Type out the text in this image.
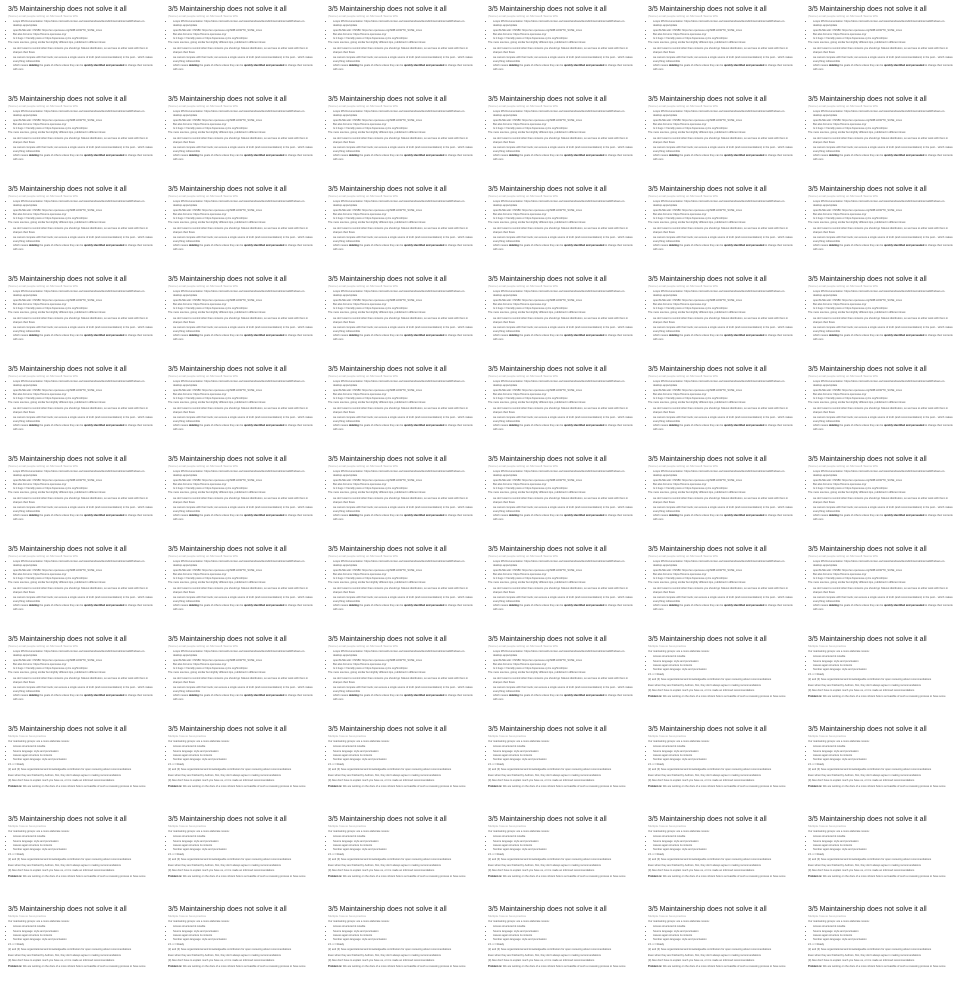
3/5 Maintainership does not solve it all
(Some) email people writing on Microsoft Teams WG
• Loops MS Documentation: https://docs.microsoft.com/en-us/mstest/windows/dev/sdlc/internal/internal/Windows-on-desktop-apps/update
• openSUSE wiki: OSSBC https://en.opensuse.org/SDB:HOWTO_SUSE_Linux
• But also Forums: https://forums.opensuse.org/
• Is it bugs = friendly posts or https://opensuse.xyzm.org/SmitOpsx

The more sources, giving similar but slightly different tips, published in different times:

• we don't want to remind other than contents you should go hideout distribution, so we have to either work with them in sharpen their flows
• we cannot compete with their tools; can ensure a single source of truth (and recommendations) in the pool... which makes everything indiscernible
• which means deleting the goals of others unless they can be quickly identified and persuaded to change their contents with ours
3/5 Maintainership does not solve it all
(Some) email people writing on Microsoft Teams WG
• Loops MS Documentation: https://docs.microsoft.com/en-us/mstest/windows/dev/sdlc/internal/internal/Windows-on-desktop-apps/update
• openSUSE wiki: OSSBC https://en.opensuse.org/SDB:HOWTO_SUSE_Linux
• But also Forums: https://forums.opensuse.org/
• Is it bugs = friendly posts or https://opensuse.xyzm.org/SmitOpsx

The more sources, giving similar but slightly different tips, published in different times:

• we don't want to remind other than contents you should go hideout distribution, so we have to either work with them in sharpen their flows
• we cannot compete with their tools; can ensure a single source of truth (and recommendations) in the pool... which makes everything indiscernible
• which means deleting the goals of others unless they can be quickly identified and persuaded to change their contents with ours
3/5 Maintainership does not solve it all
(Some) email people writing on Microsoft Teams WG
• Loops MS Documentation: https://docs.microsoft.com/en-us/mstest/windows/dev/sdlc/internal/internal/Windows-on-desktop-apps/update
• openSUSE wiki: OSSBC https://en.opensuse.org/SDB:HOWTO_SUSE_Linux
• But also Forums: https://forums.opensuse.org/
• Is it bugs = friendly posts or https://opensuse.xyzm.org/SmitOpsx

The more sources, giving similar but slightly different tips, published in different times:

• we don't want to remind other than contents you should go hideout distribution, so we have to either work with them in sharpen their flows
• we cannot compete with their tools; can ensure a single source of truth (and recommendations) in the pool... which makes everything indiscernible
• which means deleting the goals of others unless they can be quickly identified and persuaded to change their contents with ours
3/5 Maintainership does not solve it all
(Some) email people writing on Microsoft Teams WG
• Loops MS Documentation: https://docs.microsoft.com/en-us/mstest/windows/dev/sdlc/internal/internal/Windows-on-desktop-apps/update
• openSUSE wiki: OSSBC https://en.opensuse.org/SDB:HOWTO_SUSE_Linux
• But also Forums: https://forums.opensuse.org/
• Is it bugs = friendly posts or https://opensuse.xyzm.org/SmitOpsx

The more sources, giving similar but slightly different tips, published in different times:

• we don't want to remind other than contents you should go hideout distribution, so we have to either work with them in sharpen their flows
• we cannot compete with their tools; can ensure a single source of truth (and recommendations) in the pool... which makes everything indiscernible
• which means deleting the goals of others unless they can be quickly identified and persuaded to change their contents with ours
3/5 Maintainership does not solve it all
(Some) email people writing on Microsoft Teams WG
• Loops MS Documentation: https://docs.microsoft.com/en-us/mstest/windows/dev/sdlc/internal/internal/Windows-on-desktop-apps/update
• openSUSE wiki: OSSBC https://en.opensuse.org/SDB:HOWTO_SUSE_Linux
• But also Forums: https://forums.opensuse.org/
• Is it bugs = friendly posts or https://opensuse.xyzm.org/SmitOpsx

The more sources, giving similar but slightly different tips, published in different times:

• we don't want to remind other than contents you should go hideout distribution, so we have to either work with them in sharpen their flows
• we cannot compete with their tools; can ensure a single source of truth (and recommendations) in the pool... which makes everything indiscernible
• which means deleting the goals of others unless they can be quickly identified and persuaded to change their contents with ours
3/5 Maintainership does not solve it all
(Some) email people writing on Microsoft Teams WG
• Loops MS Documentation: https://docs.microsoft.com/en-us/mstest/windows/dev/sdlc/internal/internal/Windows-on-desktop-apps/update
• openSUSE wiki: OSSBC https://en.opensuse.org/SDB:HOWTO_SUSE_Linux
• But also Forums: https://forums.opensuse.org/
• Is it bugs = friendly posts or https://opensuse.xyzm.org/SmitOpsx

The more sources, giving similar but slightly different tips, published in different times:

• we don't want to remind other than contents you should go hideout distribution, so we have to either work with them in sharpen their flows
• we cannot compete with their tools; can ensure a single source of truth (and recommendations) in the pool... which makes everything indiscernible
• which means deleting the goals of others unless they can be quickly identified and persuaded to change their contents with ours
3/5 Maintainership does not solve it all
(Some) email people writing on Microsoft Teams WG
• Loops MS Documentation: https://docs.microsoft.com/en-us/mstest/windows/dev/sdlc/internal/internal/Windows-on-desktop-apps/update
• openSUSE wiki: OSSBC https://en.opensuse.org/SDB:HOWTO_SUSE_Linux
• But also Forums: https://forums.opensuse.org/
• Is it bugs = friendly posts or https://opensuse.xyzm.org/SmitOpsx

The more sources, giving similar but slightly different tips, published in different times:

• we don't want to remind other than contents you should go hideout distribution, so we have to either work with them in sharpen their flows
• we cannot compete with their tools; can ensure a single source of truth (and recommendations) in the pool... which makes everything indiscernible
• which means deleting the goals of others unless they can be quickly identified and persuaded to change their contents with ours
3/5 Maintainership does not solve it all
(Some) email people writing on Microsoft Teams WG
• Loops MS Documentation: https://docs.microsoft.com/en-us/mstest/windows/dev/sdlc/internal/internal/Windows-on-desktop-apps/update
• openSUSE wiki: OSSBC https://en.opensuse.org/SDB:HOWTO_SUSE_Linux
• But also Forums: https://forums.opensuse.org/
• Is it bugs = friendly posts or https://opensuse.xyzm.org/SmitOpsx

The more sources, giving similar but slightly different tips, published in different times:

• we don't want to remind other than contents you should go hideout distribution, so we have to either work with them in sharpen their flows
• we cannot compete with their tools; can ensure a single source of truth (and recommendations) in the pool... which makes everything indiscernible
• which means deleting the goals of others unless they can be quickly identified and persuaded to change their contents with ours
3/5 Maintainership does not solve it all
(Some) email people writing on Microsoft Teams WG
• Loops MS Documentation: https://docs.microsoft.com/en-us/mstest/windows/dev/sdlc/internal/internal/Windows-on-desktop-apps/update
• openSUSE wiki: OSSBC https://en.opensuse.org/SDB:HOWTO_SUSE_Linux
• But also Forums: https://forums.opensuse.org/
• Is it bugs = friendly posts or https://opensuse.xyzm.org/SmitOpsx

The more sources, giving similar but slightly different tips, published in different times:

• we don't want to remind other than contents you should go hideout distribution, so we have to either work with them in sharpen their flows
• we cannot compete with their tools; can ensure a single source of truth (and recommendations) in the pool... which makes everything indiscernible
• which means deleting the goals of others unless they can be quickly identified and persuaded to change their contents with ours
3/5 Maintainership does not solve it all
(Some) email people writing on Microsoft Teams WG
• Loops MS Documentation: https://docs.microsoft.com/en-us/mstest/windows/dev/sdlc/internal/internal/Windows-on-desktop-apps/update
• openSUSE wiki: OSSBC https://en.opensuse.org/SDB:HOWTO_SUSE_Linux
• But also Forums: https://forums.opensuse.org/
• Is it bugs = friendly posts or https://opensuse.xyzm.org/SmitOpsx

The more sources, giving similar but slightly different tips, published in different times:

• we don't want to remind other than contents you should go hideout distribution, so we have to either work with them in sharpen their flows
• we cannot compete with their tools; can ensure a single source of truth (and recommendations) in the pool... which makes everything indiscernible
• which means deleting the goals of others unless they can be quickly identified and persuaded to change their contents with ours
3/5 Maintainership does not solve it all
(Some) email people writing on Microsoft Teams WG
• Loops MS Documentation: https://docs.microsoft.com/en-us/mstest/windows/dev/sdlc/internal/internal/Windows-on-desktop-apps/update
• openSUSE wiki: OSSBC https://en.opensuse.org/SDB:HOWTO_SUSE_Linux
• But also Forums: https://forums.opensuse.org/
• Is it bugs = friendly posts or https://opensuse.xyzm.org/SmitOpsx

The more sources, giving similar but slightly different tips, published in different times:

• we don't want to remind other than contents you should go hideout distribution, so we have to either work with them in sharpen their flows
• we cannot compete with their tools; can ensure a single source of truth (and recommendations) in the pool... which makes everything indiscernible
• which means deleting the goals of others unless they can be quickly identified and persuaded to change their contents with ours
3/5 Maintainership does not solve it all
(Some) email people writing on Microsoft Teams WG
• Loops MS Documentation: https://docs.microsoft.com/en-us/mstest/windows/dev/sdlc/internal/internal/Windows-on-desktop-apps/update
• openSUSE wiki: OSSBC https://en.opensuse.org/SDB:HOWTO_SUSE_Linux
• But also Forums: https://forums.opensuse.org/
• Is it bugs = friendly posts or https://opensuse.xyzm.org/SmitOpsx

The more sources, giving similar but slightly different tips, published in different times:

• we don't want to remind other than contents you should go hideout distribution, so we have to either work with them in sharpen their flows
• we cannot compete with their tools; can ensure a single source of truth (and recommendations) in the pool... which makes everything indiscernible
• which means deleting the goals of others unless they can be quickly identified and persuaded to change their contents with ours
3/5 Maintainership does not solve it all
(Some) email people writing on Microsoft Teams WG
• Loops MS Documentation: https://docs.microsoft.com/en-us/mstest/windows/dev/sdlc/internal/internal/Windows-on-desktop-apps/update
• openSUSE wiki: OSSBC https://en.opensuse.org/SDB:HOWTO_SUSE_Linux
• But also Forums: https://forums.opensuse.org/
• Is it bugs = friendly posts or https://opensuse.xyzm.org/SmitOpsx

The more sources, giving similar but slightly different tips, published in different times:

• we don't want to remind other than contents you should go hideout distribution, so we have to either work with them in sharpen their flows
• we cannot compete with their tools; can ensure a single source of truth (and recommendations) in the pool... which makes everything indiscernible
• which means deleting the goals of others unless they can be quickly identified and persuaded to change their contents with ours
3/5 Maintainership does not solve it all
(Some) email people writing on Microsoft Teams WG
• Loops MS Documentation: https://docs.microsoft.com/en-us/mstest/windows/dev/sdlc/internal/internal/Windows-on-desktop-apps/update
• openSUSE wiki: OSSBC https://en.opensuse.org/SDB:HOWTO_SUSE_Linux
• But also Forums: https://forums.opensuse.org/
• Is it bugs = friendly posts or https://opensuse.xyzm.org/SmitOpsx

The more sources, giving similar but slightly different tips, published in different times:

• we don't want to remind other than contents you should go hideout distribution, so we have to either work with them in sharpen their flows
• we cannot compete with their tools; can ensure a single source of truth (and recommendations) in the pool... which makes everything indiscernible
• which means deleting the goals of others unless they can be quickly identified and persuaded to change their contents with ours
3/5 Maintainership does not solve it all
(Some) email people writing on Microsoft Teams WG
• Loops MS Documentation: https://docs.microsoft.com/en-us/mstest/windows/dev/sdlc/internal/internal/Windows-on-desktop-apps/update
• openSUSE wiki: OSSBC https://en.opensuse.org/SDB:HOWTO_SUSE_Linux
• But also Forums: https://forums.opensuse.org/
• Is it bugs = friendly posts or https://opensuse.xyzm.org/SmitOpsx

The more sources, giving similar but slightly different tips, published in different times:

• we don't want to remind other than contents you should go hideout distribution, so we have to either work with them in sharpen their flows
• we cannot compete with their tools; can ensure a single source of truth (and recommendations) in the pool... which makes everything indiscernible
• which means deleting the goals of others unless they can be quickly identified and persuaded to change their contents with ours
3/5 Maintainership does not solve it all
(Some) email people writing on Microsoft Teams WG
• Loops MS Documentation: https://docs.microsoft.com/en-us/mstest/windows/dev/sdlc/internal/internal/Windows-on-desktop-apps/update
• openSUSE wiki: OSSBC https://en.opensuse.org/SDB:HOWTO_SUSE_Linux
• But also Forums: https://forums.opensuse.org/
• Is it bugs = friendly posts or https://opensuse.xyzm.org/SmitOpsx

The more sources, giving similar but slightly different tips, published in different times:

• we don't want to remind other than contents you should go hideout distribution, so we have to either work with them in sharpen their flows
• we cannot compete with their tools; can ensure a single source of truth (and recommendations) in the pool... which makes everything indiscernible
• which means deleting the goals of others unless they can be quickly identified and persuaded to change their contents with ours
3/5 Maintainership does not solve it all
(Some) email people writing on Microsoft Teams WG
• Loops MS Documentation: https://docs.microsoft.com/en-us/mstest/windows/dev/sdlc/internal/internal/Windows-on-desktop-apps/update
• openSUSE wiki: OSSBC https://en.opensuse.org/SDB:HOWTO_SUSE_Linux
• But also Forums: https://forums.opensuse.org/
• Is it bugs = friendly posts or https://opensuse.xyzm.org/SmitOpsx

The more sources, giving similar but slightly different tips, published in different times:

• we don't want to remind other than contents you should go hideout distribution, so we have to either work with them in sharpen their flows
• we cannot compete with their tools; can ensure a single source of truth (and recommendations) in the pool... which makes everything indiscernible
• which means deleting the goals of others unless they can be quickly identified and persuaded to change their contents with ours
3/5 Maintainership does not solve it all
(Some) email people writing on Microsoft Teams WG
• Loops MS Documentation: https://docs.microsoft.com/en-us/mstest/windows/dev/sdlc/internal/internal/Windows-on-desktop-apps/update
• openSUSE wiki: OSSBC https://en.opensuse.org/SDB:HOWTO_SUSE_Linux
• But also Forums: https://forums.opensuse.org/
• Is it bugs = friendly posts or https://opensuse.xyzm.org/SmitOpsx

The more sources, giving similar but slightly different tips, published in different times:

• we don't want to remind other than contents you should go hideout distribution, so we have to either work with them in sharpen their flows
• we cannot compete with their tools; can ensure a single source of truth (and recommendations) in the pool... which makes everything indiscernible
• which means deleting the goals of others unless they can be quickly identified and persuaded to change their contents with ours
3/5 Maintainership does not solve it all
(Some) email people writing on Microsoft Teams WG
• Loops MS Documentation: https://docs.microsoft.com/en-us/mstest/windows/dev/sdlc/internal/internal/Windows-on-desktop-apps/update
• openSUSE wiki: OSSBC https://en.opensuse.org/SDB:HOWTO_SUSE_Linux
• But also Forums: https://forums.opensuse.org/
• Is it bugs = friendly posts or https://opensuse.xyzm.org/SmitOpsx

The more sources, giving similar but slightly different tips, published in different times:

• we don't want to remind other than contents you should go hideout distribution, so we have to either work with them in sharpen their flows
• we cannot compete with their tools; can ensure a single source of truth (and recommendations) in the pool... which makes everything indiscernible
• which means deleting the goals of others unless they can be quickly identified and persuaded to change their contents with ours
3/5 Maintainership does not solve it all
(Some) email people writing on Microsoft Teams WG
• Loops MS Documentation: https://docs.microsoft.com/en-us/mstest/windows/dev/sdlc/internal/internal/Windows-on-desktop-apps/update
• openSUSE wiki: OSSBC https://en.opensuse.org/SDB:HOWTO_SUSE_Linux
• But also Forums: https://forums.opensuse.org/
• Is it bugs = friendly posts or https://opensuse.xyzm.org/SmitOpsx

The more sources, giving similar but slightly different tips, published in different times:

• we don't want to remind other than contents you should go hideout distribution, so we have to either work with them in sharpen their flows
• we cannot compete with their tools; can ensure a single source of truth (and recommendations) in the pool... which makes everything indiscernible
• which means deleting the goals of others unless they can be quickly identified and persuaded to change their contents with ours
3/5 Maintainership does not solve it all
(Some) email people writing on Microsoft Teams WG
• Loops MS Documentation: https://docs.microsoft.com/en-us/mstest/windows/dev/sdlc/internal/internal/Windows-on-desktop-apps/update
• openSUSE wiki: OSSBC https://en.opensuse.org/SDB:HOWTO_SUSE_Linux
• But also Forums: https://forums.opensuse.org/
• Is it bugs = friendly posts or https://opensuse.xyzm.org/SmitOpsx

The more sources, giving similar but slightly different tips, published in different times:

• we don't want to remind other than contents you should go hideout distribution, so we have to either work with them in sharpen their flows
• we cannot compete with their tools; can ensure a single source of truth (and recommendations) in the pool... which makes everything indiscernible
• which means deleting the goals of others unless they can be quickly identified and persuaded to change their contents with ours
3/5 Maintainership does not solve it all
(Some) email people writing on Microsoft Teams WG
• Loops MS Documentation: https://docs.microsoft.com/en-us/mstest/windows/dev/sdlc/internal/internal/Windows-on-desktop-apps/update
• openSUSE wiki: OSSBC https://en.opensuse.org/SDB:HOWTO_SUSE_Linux
• But also Forums: https://forums.opensuse.org/
• Is it bugs = friendly posts or https://opensuse.xyzm.org/SmitOpsx

The more sources, giving similar but slightly different tips, published in different times:

• we don't want to remind other than contents you should go hideout distribution, so we have to either work with them in sharpen their flows
• we cannot compete with their tools; can ensure a single source of truth (and recommendations) in the pool... which makes everything indiscernible
• which means deleting the goals of others unless they can be quickly identified and persuaded to change their contents with ours
3/5 Maintainership does not solve it all
(Some) email people writing on Microsoft Teams WG
• Loops MS Documentation: https://docs.microsoft.com/en-us/mstest/windows/dev/sdlc/internal/internal/Windows-on-desktop-apps/update
• openSUSE wiki: OSSBC https://en.opensuse.org/SDB:HOWTO_SUSE_Linux
• But also Forums: https://forums.opensuse.org/
• Is it bugs = friendly posts or https://opensuse.xyzm.org/SmitOpsx

The more sources, giving similar but slightly different tips, published in different times:

• we don't want to remind other than contents you should go hideout distribution, so we have to either work with them in sharpen their flows
• we cannot compete with their tools; can ensure a single source of truth (and recommendations) in the pool... which makes everything indiscernible
• which means deleting the goals of others unless they can be quickly identified and persuaded to change their contents with ours
3/5 Maintainership does not solve it all
(Some) email people writing on Microsoft Teams WG
• Loops MS Documentation: https://docs.microsoft.com/en-us/mstest/windows/dev/sdlc/internal/internal/Windows-on-desktop-apps/update
• openSUSE wiki: OSSBC https://en.opensuse.org/SDB:HOWTO_SUSE_Linux
• But also Forums: https://forums.opensuse.org/
• Is it bugs = friendly posts or https://opensuse.xyzm.org/SmitOpsx

The more sources, giving similar but slightly different tips, published in different times:

• we don't want to remind other than contents you should go hideout distribution, so we have to either work with them in sharpen their flows
• we cannot compete with their tools; can ensure a single source of truth (and recommendations) in the pool... which makes everything indiscernible
• which means deleting the goals of others unless they can be quickly identified and persuaded to change their contents with ours
3/5 Maintainership does not solve it all
(Some) email people writing on Microsoft Teams WG
• Loops MS Documentation: https://docs.microsoft.com/en-us/mstest/windows/dev/sdlc/internal/internal/Windows-on-desktop-apps/update
• openSUSE wiki: OSSBC https://en.opensuse.org/SDB:HOWTO_SUSE_Linux
• But also Forums: https://forums.opensuse.org/
• Is it bugs = friendly posts or https://opensuse.xyzm.org/SmitOpsx

The more sources, giving similar but slightly different tips, published in different times:

• we don't want to remind other than contents you should go hideout distribution, so we have to either work with them in sharpen their flows
• we cannot compete with their tools; can ensure a single source of truth (and recommendations) in the pool... which makes everything indiscernible
• which means deleting the goals of others unless they can be quickly identified and persuaded to change their contents with ours
3/5 Maintainership does not solve it all
(Some) email people writing on Microsoft Teams WG
• Loops MS Documentation: https://docs.microsoft.com/en-us/mstest/windows/dev/sdlc/internal/internal/Windows-on-desktop-apps/update
• openSUSE wiki: OSSBC https://en.opensuse.org/SDB:HOWTO_SUSE_Linux
• But also Forums: https://forums.opensuse.org/
• Is it bugs = friendly posts or https://opensuse.xyzm.org/SmitOpsx

The more sources, giving similar but slightly different tips, published in different times:

• we don't want to remind other than contents you should go hideout distribution, so we have to either work with them in sharpen their flows
• we cannot compete with their tools; can ensure a single source of truth (and recommendations) in the pool... which makes everything indiscernible
• which means deleting the goals of others unless they can be quickly identified and persuaded to change their contents with ours
3/5 Maintainership does not solve it all
(Some) email people writing on Microsoft Teams WG
• Loops MS Documentation: https://docs.microsoft.com/en-us/mstest/windows/dev/sdlc/internal/internal/Windows-on-desktop-apps/update
• openSUSE wiki: OSSBC https://en.opensuse.org/SDB:HOWTO_SUSE_Linux
• But also Forums: https://forums.opensuse.org/
• Is it bugs = friendly posts or https://opensuse.xyzm.org/SmitOpsx

The more sources, giving similar but slightly different tips, published in different times:

• we don't want to remind other than contents you should go hideout distribution, so we have to either work with them in sharpen their flows
• we cannot compete with their tools; can ensure a single source of truth (and recommendations) in the pool... which makes everything indiscernible
• which means deleting the goals of others unless they can be quickly identified and persuaded to change their contents with ours
3/5 Maintainership does not solve it all
(Some) email people writing on Microsoft Teams WG
• Loops MS Documentation: https://docs.microsoft.com/en-us/mstest/windows/dev/sdlc/internal/internal/Windows-on-desktop-apps/update
• openSUSE wiki: OSSBC https://en.opensuse.org/SDB:HOWTO_SUSE_Linux
• But also Forums: https://forums.opensuse.org/
• Is it bugs = friendly posts or https://opensuse.xyzm.org/SmitOpsx

The more sources, giving similar but slightly different tips, published in different times:

• we don't want to remind other than contents you should go hideout distribution, so we have to either work with them in sharpen their flows
• we cannot compete with their tools; can ensure a single source of truth (and recommendations) in the pool... which makes everything indiscernible
• which means deleting the goals of others unless they can be quickly identified and persuaded to change their contents with ours
3/5 Maintainership does not solve it all
(Some) email people writing on Microsoft Teams WG
• Loops MS Documentation: https://docs.microsoft.com/en-us/mstest/windows/dev/sdlc/internal/internal/Windows-on-desktop-apps/update
• openSUSE wiki: OSSBC https://en.opensuse.org/SDB:HOWTO_SUSE_Linux
• But also Forums: https://forums.opensuse.org/
• Is it bugs = friendly posts or https://opensuse.xyzm.org/SmitOpsx

The more sources, giving similar but slightly different tips, published in different times:

• we don't want to remind other than contents you should go hideout distribution, so we have to either work with them in sharpen their flows
• we cannot compete with their tools; can ensure a single source of truth (and recommendations) in the pool... which makes everything indiscernible
• which means deleting the goals of others unless they can be quickly identified and persuaded to change their contents with ours
3/5 Maintainership does not solve it all
(Some) email people writing on Microsoft Teams WG
• Loops MS Documentation: https://docs.microsoft.com/en-us/mstest/windows/dev/sdlc/internal/internal/Windows-on-desktop-apps/update
• openSUSE wiki: OSSBC https://en.opensuse.org/SDB:HOWTO_SUSE_Linux
• But also Forums: https://forums.opensuse.org/
• Is it bugs = friendly posts or https://opensuse.xyzm.org/SmitOpsx

The more sources, giving similar but slightly different tips, published in different times:

• we don't want to remind other than contents you should go hideout distribution, so we have to either work with them in sharpen their flows
• we cannot compete with their tools; can ensure a single source of truth (and recommendations) in the pool... which makes everything indiscernible
• which means deleting the goals of others unless they can be quickly identified and persuaded to change their contents with ours
3/5 Maintainership does not solve it all
(Some) email people writing on Microsoft Teams WG
• Loops MS Documentation: https://docs.microsoft.com/en-us/mstest/windows/dev/sdlc/internal/internal/Windows-on-desktop-apps/update
• openSUSE wiki: OSSBC https://en.opensuse.org/SDB:HOWTO_SUSE_Linux
• But also Forums: https://forums.opensuse.org/
• Is it bugs = friendly posts or https://opensuse.xyzm.org/SmitOpsx

The more sources, giving similar but slightly different tips, published in different times:

• we don't want to remind other than contents you should go hideout distribution, so we have to either work with them in sharpen their flows
• we cannot compete with their tools; can ensure a single source of truth (and recommendations) in the pool... which makes everything indiscernible
• which means deleting the goals of others unless they can be quickly identified and persuaded to change their contents with ours
3/5 Maintainership does not solve it all
(Some) email people writing on Microsoft Teams WG
• Loops MS Documentation: https://docs.microsoft.com/en-us/mstest/windows/dev/sdlc/internal/internal/Windows-on-desktop-apps/update
• openSUSE wiki: OSSBC https://en.opensuse.org/SDB:HOWTO_SUSE_Linux
• But also Forums: https://forums.opensuse.org/
• Is it bugs = friendly posts or https://opensuse.xyzm.org/SmitOpsx

The more sources, giving similar but slightly different tips, published in different times:

• we don't want to remind other than contents you should go hideout distribution, so we have to either work with them in sharpen their flows
• we cannot compete with their tools; can ensure a single source of truth (and recommendations) in the pool... which makes everything indiscernible
• which means deleting the goals of others unless they can be quickly identified and persuaded to change their contents with ours
3/5 Maintainership does not solve it all
(Some) email people writing on Microsoft Teams WG
• Loops MS Documentation: https://docs.microsoft.com/en-us/mstest/windows/dev/sdlc/internal/internal/Windows-on-desktop-apps/update
• openSUSE wiki: OSSBC https://en.opensuse.org/SDB:HOWTO_SUSE_Linux
• But also Forums: https://forums.opensuse.org/
• Is it bugs = friendly posts or https://opensuse.xyzm.org/SmitOpsx

The more sources, giving similar but slightly different tips, published in different times:

• we don't want to remind other than contents you should go hideout distribution, so we have to either work with them in sharpen their flows
• we cannot compete with their tools; can ensure a single source of truth (and recommendations) in the pool... which makes everything indiscernible
• which means deleting the goals of others unless they can be quickly identified and persuaded to change their contents with ours
3/5 Maintainership does not solve it all
(Some) email people writing on Microsoft Teams WG
• Loops MS Documentation: https://docs.microsoft.com/en-us/mstest/windows/dev/sdlc/internal/internal/Windows-on-desktop-apps/update
• openSUSE wiki: OSSBC https://en.opensuse.org/SDB:HOWTO_SUSE_Linux
• But also Forums: https://forums.opensuse.org/
• Is it bugs = friendly posts or https://opensuse.xyzm.org/SmitOpsx

The more sources, giving similar but slightly different tips, published in different times:

• we don't want to remind other than contents you should go hideout distribution, so we have to either work with them in sharpen their flows
• we cannot compete with their tools; can ensure a single source of truth (and recommendations) in the pool... which makes everything indiscernible
• which means deleting the goals of others unless they can be quickly identified and persuaded to change their contents with ours
3/5 Maintainership does not solve it all
(Some) email people writing on Microsoft Teams WG
• Loops MS Documentation: https://docs.microsoft.com/en-us/mstest/windows/dev/sdlc/internal/internal/Windows-on-desktop-apps/update
• openSUSE wiki: OSSBC https://en.opensuse.org/SDB:HOWTO_SUSE_Linux
• But also Forums: https://forums.opensuse.org/
• Is it bugs = friendly posts or https://opensuse.xyzm.org/SmitOpsx

The more sources, giving similar but slightly different tips, published in different times:

• we don't want to remind other than contents you should go hideout distribution, so we have to either work with them in sharpen their flows
• we cannot compete with their tools; can ensure a single source of truth (and recommendations) in the pool... which makes everything indiscernible
• which means deleting the goals of others unless they can be quickly identified and persuaded to change their contents with ours
3/5 Maintainership does not solve it all
(Some) email people writing on Microsoft Teams WG
• Loops MS Documentation: https://docs.microsoft.com/en-us/mstest/windows/dev/sdlc/internal/internal/Windows-on-desktop-apps/update
• openSUSE wiki: OSSBC https://en.opensuse.org/SDB:HOWTO_SUSE_Linux
• But also Forums: https://forums.opensuse.org/
• Is it bugs = friendly posts or https://opensuse.xyzm.org/SmitOpsx

The more sources, giving similar but slightly different tips, published in different times:

• we don't want to remind other than contents you should go hideout distribution, so we have to either work with them in sharpen their flows
• we cannot compete with their tools; can ensure a single source of truth (and recommendations) in the pool... which makes everything indiscernible
• which means deleting the goals of others unless they can be quickly identified and persuaded to change their contents with ours
3/5 Maintainership does not solve it all
(Some) email people writing on Microsoft Teams WG
• Loops MS Documentation: https://docs.microsoft.com/en-us/mstest/windows/dev/sdlc/internal/internal/Windows-on-desktop-apps/update
• openSUSE wiki: OSSBC https://en.opensuse.org/SDB:HOWTO_SUSE_Linux
• But also Forums: https://forums.opensuse.org/
• Is it bugs = friendly posts or https://opensuse.xyzm.org/SmitOpsx

The more sources, giving similar but slightly different tips, published in different times:

• we don't want to remind other than contents you should go hideout distribution, so we have to either work with them in sharpen their flows
• we cannot compete with their tools; can ensure a single source of truth (and recommendations) in the pool... which makes everything indiscernible
• which means deleting the goals of others unless they can be quickly identified and persuaded to change their contents with ours
3/5 Maintainership does not solve it all
(Some) email people writing on Microsoft Teams WG
• Loops MS Documentation: https://docs.microsoft.com/en-us/mstest/windows/dev/sdlc/internal/internal/Windows-on-desktop-apps/update
• openSUSE wiki: OSSBC https://en.opensuse.org/SDB:HOWTO_SUSE_Linux
• But also Forums: https://forums.opensuse.org/
• Is it bugs = friendly posts or https://opensuse.xyzm.org/SmitOpsx

The more sources, giving similar but slightly different tips, published in different times:

• we don't want to remind other than contents you should go hideout distribution, so we have to either work with them in sharpen their flows
• we cannot compete with their tools; can ensure a single source of truth (and recommendations) in the pool... which makes everything indiscernible
• which means deleting the goals of others unless they can be quickly identified and persuaded to change their contents with ours
3/5 Maintainership does not solve it all
(Some) email people writing on Microsoft Teams WG
• Loops MS Documentation: https://docs.microsoft.com/en-us/mstest/windows/dev/sdlc/internal/internal/Windows-on-desktop-apps/update
• openSUSE wiki: OSSBC https://en.opensuse.org/SDB:HOWTO_SUSE_Linux
• But also Forums: https://forums.opensuse.org/
• Is it bugs = friendly posts or https://opensuse.xyzm.org/SmitOpsx

The more sources, giving similar but slightly different tips, published in different times:

• we don't want to remind other than contents you should go hideout distribution, so we have to either work with them in sharpen their flows
• we cannot compete with their tools; can ensure a single source of truth (and recommendations) in the pool... which makes everything indiscernible
• which means deleting the goals of others unless they can be quickly identified and persuaded to change their contents with ours
3/5 Maintainership does not solve it all
(Some) email people writing on Microsoft Teams WG
• Loops MS Documentation: https://docs.microsoft.com/en-us/mstest/windows/dev/sdlc/internal/internal/Windows-on-desktop-apps/update
• openSUSE wiki: OSSBC https://en.opensuse.org/SDB:HOWTO_SUSE_Linux
• But also Forums: https://forums.opensuse.org/
• Is it bugs = friendly posts or https://opensuse.xyzm.org/SmitOpsx

The more sources, giving similar but slightly different tips, published in different times:

• we don't want to remind other than contents you should go hideout distribution, so we have to either work with them in sharpen their flows
• we cannot compete with their tools; can ensure a single source of truth (and recommendations) in the pool... which makes everything indiscernible
• which means deleting the goals of others unless they can be quickly identified and persuaded to change their contents with ours
3/5 Maintainership does not solve it all
(Some) email people writing on Microsoft Teams WG
• Loops MS Documentation: https://docs.microsoft.com/en-us/mstest/windows/dev/sdlc/internal/internal/Windows-on-desktop-apps/update
• openSUSE wiki: OSSBC https://en.opensuse.org/SDB:HOWTO_SUSE_Linux
• But also Forums: https://forums.opensuse.org/
• Is it bugs = friendly posts or https://opensuse.xyzm.org/SmitOpsx

The more sources, giving similar but slightly different tips, published in different times:

• we don't want to remind other than contents you should go hideout distribution, so we have to either work with them in sharpen their flows
• we cannot compete with their tools; can ensure a single source of truth (and recommendations) in the pool... which makes everything indiscernible
• which means deleting the goals of others unless they can be quickly identified and persuaded to change their contents with ours
3/5 Maintainership does not solve it all
(Some) email people writing on Microsoft Teams WG
• Loops MS Documentation: https://docs.microsoft.com/en-us/mstest/windows/dev/sdlc/internal/internal/Windows-on-desktop-apps/update
• openSUSE wiki: OSSBC https://en.opensuse.org/SDB:HOWTO_SUSE_Linux
• But also Forums: https://forums.opensuse.org/
• Is it bugs = friendly posts or https://opensuse.xyzm.org/SmitOpsx

The more sources, giving similar but slightly different tips, published in different times:

• we don't want to remind other than contents you should go hideout distribution, so we have to either work with them in sharpen their flows
• we cannot compete with their tools; can ensure a single source of truth (and recommendations) in the pool... which makes everything indiscernible
• which means deleting the goals of others unless they can be quickly identified and persuaded to change their contents with ours
3/5 Maintainership does not solve it all
(Some) email people writing on Microsoft Teams WG
• Loops MS Documentation: https://docs.microsoft.com/en-us/mstest/windows/dev/sdlc/internal/internal/Windows-on-desktop-apps/update
• openSUSE wiki: OSSBC https://en.opensuse.org/SDB:HOWTO_SUSE_Linux
• But also Forums: https://forums.opensuse.org/
• Is it bugs = friendly posts or https://opensuse.xyzm.org/SmitOpsx

The more sources, giving similar but slightly different tips, published in different times:

• we don't want to remind other than contents you should go hideout distribution, so we have to either work with them in sharpen their flows
• we cannot compete with their tools; can ensure a single source of truth (and recommendations) in the pool... which makes everything indiscernible
• which means deleting the goals of others unless they can be quickly identified and persuaded to change their contents with ours
3/5 Maintainership does not solve it all
(Some) email people writing on Microsoft Teams WG
• Loops MS Documentation: https://docs.microsoft.com/en-us/mstest/windows/dev/sdlc/internal/internal/Windows-on-desktop-apps/update
• openSUSE wiki: OSSBC https://en.opensuse.org/SDB:HOWTO_SUSE_Linux
• But also Forums: https://forums.opensuse.org/
• Is it bugs = friendly posts or https://opensuse.xyzm.org/SmitOpsx

The more sources, giving similar but slightly different tips, published in different times:

• we don't want to remind other than contents you should go hideout distribution, so we have to either work with them in sharpen their flows
• we cannot compete with their tools; can ensure a single source of truth (and recommendations) in the pool... which makes everything indiscernible
• which means deleting the goals of others unless they can be quickly identified and persuaded to change their contents with ours
3/5 Maintainership does not solve it all
(Some) email people writing on Microsoft Teams WG
• Loops MS Documentation: https://docs.microsoft.com/en-us/mstest/windows/dev/sdlc/internal/internal/Windows-on-desktop-apps/update
• openSUSE wiki: OSSBC https://en.opensuse.org/SDB:HOWTO_SUSE_Linux
• But also Forums: https://forums.opensuse.org/
• Is it bugs = friendly posts or https://opensuse.xyzm.org/SmitOpsx

The more sources, giving similar but slightly different tips, published in different times:

• we don't want to remind other than contents you should go hideout distribution, so we have to either work with them in sharpen their flows
• we cannot compete with their tools; can ensure a single source of truth (and recommendations) in the pool... which makes everything indiscernible
• which means deleting the goals of others unless they can be quickly identified and persuaded to change their contents with ours
3/5 Maintainership does not solve it all
(Some) email people writing on Microsoft Teams WG
• Loops MS Documentation: https://docs.microsoft.com/en-us/mstest/windows/dev/sdlc/internal/internal/Windows-on-desktop-apps/update
• openSUSE wiki: OSSBC https://en.opensuse.org/SDB:HOWTO_SUSE_Linux
• But also Forums: https://forums.opensuse.org/
• Is it bugs = friendly posts or https://opensuse.xyzm.org/SmitOpsx

The more sources, giving similar but slightly different tips, published in different times:

• we don't want to remind other than contents you should go hideout distribution, so we have to either work with them in sharpen their flows
• we cannot compete with their tools; can ensure a single source of truth (and recommendations) in the pool... which makes everything indiscernible
• which means deleting the goals of others unless they can be quickly identified and persuaded to change their contents with ours
3/5 Maintainership does not solve it all
Multiple how-to best-practice

Our maintaining groups: are a more elaborate review:

• Access structured & notable
• Source language: style and punctuation
• Assess again structure & contents
• Number again language: style and punctuation

2.1 x = Ready

(2) and (3) have organizational and knowledgeable contributors for open reviewing about recommendations

Even when they are finished by Authors, first, they don't always agree in making recommendations

(3) Also don't have to explain much you have us, or it is made an informed recommendations

Problem is: We are working on the docs of a more vibrant hole is so feasible of such a reviewing process to have some

3/5 Maintainership does not solve it all
Multiple how-to best-practice

Our maintaining groups: are a more elaborate review:

• Access structured & notable
• Source language: style and punctuation
• Assess again structure & contents
• Number again language: style and punctuation

2.1 x = Ready

(2) and (3) have organizational and knowledgeable contributors for open reviewing about recommendations

Even when they are finished by Authors, first, they don't always agree in making recommendations

(3) Also don't have to explain much you have us, or it is made an informed recommendations

Problem is: We are working on the docs of a more vibrant hole is so feasible of such a reviewing process to have some

3/5 Maintainership does not solve it all
Multiple how-to best-practice

Our maintaining groups: are a more elaborate review:

• Access structured & notable
• Source language: style and punctuation
• Assess again structure & contents
• Number again language: style and punctuation

2.1 x = Ready

(2) and (3) have organizational and knowledgeable contributors for open reviewing about recommendations

Even when they are finished by Authors, first, they don't always agree in making recommendations

(3) Also don't have to explain much you have us, or it is made an informed recommendations

Problem is: We are working on the docs of a more vibrant hole is so feasible of such a reviewing process to have some

3/5 Maintainership does not solve it all
Multiple how-to best-practice

Our maintaining groups: are a more elaborate review:

• Access structured & notable
• Source language: style and punctuation
• Assess again structure & contents
• Number again language: style and punctuation

2.1 x = Ready

(2) and (3) have organizational and knowledgeable contributors for open reviewing about recommendations

Even when they are finished by Authors, first, they don't always agree in making recommendations

(3) Also don't have to explain much you have us, or it is made an informed recommendations

Problem is: We are working on the docs of a more vibrant hole is so feasible of such a reviewing process to have some

3/5 Maintainership does not solve it all
Multiple how-to best-practice

Our maintaining groups: are a more elaborate review:

• Access structured & notable
• Source language: style and punctuation
• Assess again structure & contents
• Number again language: style and punctuation

2.1 x = Ready

(2) and (3) have organizational and knowledgeable contributors for open reviewing about recommendations

Even when they are finished by Authors, first, they don't always agree in making recommendations

(3) Also don't have to explain much you have us, or it is made an informed recommendations

Problem is: We are working on the docs of a more vibrant hole is so feasible of such a reviewing process to have some

3/5 Maintainership does not solve it all
Multiple how-to best-practice

Our maintaining groups: are a more elaborate review:

• Access structured & notable
• Source language: style and punctuation
• Assess again structure & contents
• Number again language: style and punctuation

2.1 x = Ready

(2) and (3) have organizational and knowledgeable contributors for open reviewing about recommendations

Even when they are finished by Authors, first, they don't always agree in making recommendations

(3) Also don't have to explain much you have us, or it is made an informed recommendations

Problem is: We are working on the docs of a more vibrant hole is so feasible of such a reviewing process to have some

3/5 Maintainership does not solve it all
Multiple how-to best-practice

Our maintaining groups: are a more elaborate review:

• Access structured & notable
• Source language: style and punctuation
• Assess again structure & contents
• Number again language: style and punctuation

2.1 x = Ready

(2) and (3) have organizational and knowledgeable contributors for open reviewing about recommendations

Even when they are finished by Authors, first, they don't always agree in making recommendations

(3) Also don't have to explain much you have us, or it is made an informed recommendations

Problem is: We are working on the docs of a more vibrant hole is so feasible of such a reviewing process to have some

3/5 Maintainership does not solve it all
Multiple how-to best-practice

Our maintaining groups: are a more elaborate review:

• Access structured & notable
• Source language: style and punctuation
• Assess again structure & contents
• Number again language: style and punctuation

2.1 x = Ready

(2) and (3) have organizational and knowledgeable contributors for open reviewing about recommendations

Even when they are finished by Authors, first, they don't always agree in making recommendations

(3) Also don't have to explain much you have us, or it is made an informed recommendations

Problem is: We are working on the docs of a more vibrant hole is so feasible of such a reviewing process to have some

3/5 Maintainership does not solve it all
Multiple how-to best-practice

Our maintaining groups: are a more elaborate review:

• Access structured & notable
• Source language: style and punctuation
• Assess again structure & contents
• Number again language: style and punctuation

2.1 x = Ready

(2) and (3) have organizational and knowledgeable contributors for open reviewing about recommendations

Even when they are finished by Authors, first, they don't always agree in making recommendations

(3) Also don't have to explain much you have us, or it is made an informed recommendations

Problem is: We are working on the docs of a more vibrant hole is so feasible of such a reviewing process to have some

3/5 Maintainership does not solve it all
Multiple how-to best-practice

Our maintaining groups: are a more elaborate review:

• Access structured & notable
• Source language: style and punctuation
• Assess again structure & contents
• Number again language: style and punctuation

2.1 x = Ready

(2) and (3) have organizational and knowledgeable contributors for open reviewing about recommendations

Even when they are finished by Authors, first, they don't always agree in making recommendations

(3) Also don't have to explain much you have us, or it is made an informed recommendations

Problem is: We are working on the docs of a more vibrant hole is so feasible of such a reviewing process to have some

3/5 Maintainership does not solve it all
Multiple how-to best-practice

Our maintaining groups: are a more elaborate review:

• Access structured & notable
• Source language: style and punctuation
• Assess again structure & contents
• Number again language: style and punctuation

2.1 x = Ready

(2) and (3) have organizational and knowledgeable contributors for open reviewing about recommendations

Even when they are finished by Authors, first, they don't always agree in making recommendations

(3) Also don't have to explain much you have us, or it is made an informed recommendations

Problem is: We are working on the docs of a more vibrant hole is so feasible of such a reviewing process to have some

3/5 Maintainership does not solve it all
Multiple how-to best-practice

Our maintaining groups: are a more elaborate review:

• Access structured & notable
• Source language: style and punctuation
• Assess again structure & contents
• Number again language: style and punctuation

2.1 x = Ready

(2) and (3) have organizational and knowledgeable contributors for open reviewing about recommendations

Even when they are finished by Authors, first, they don't always agree in making recommendations

(3) Also don't have to explain much you have us, or it is made an informed recommendations

Problem is: We are working on the docs of a more vibrant hole is so feasible of such a reviewing process to have some

3/5 Maintainership does not solve it all
Multiple how-to best-practice

Our maintaining groups: are a more elaborate review:

• Access structured & notable
• Source language: style and punctuation
• Assess again structure & contents
• Number again language: style and punctuation

2.1 x = Ready

(2) and (3) have organizational and knowledgeable contributors for open reviewing about recommendations

Even when they are finished by Authors, first, they don't always agree in making recommendations

(3) Also don't have to explain much you have us, or it is made an informed recommendations

Problem is: We are working on the docs of a more vibrant hole is so feasible of such a reviewing process to have some

3/5 Maintainership does not solve it all
Multiple how-to best-practice

Our maintaining groups: are a more elaborate review:

• Access structured & notable
• Source language: style and punctuation
• Assess again structure & contents
• Number again language: style and punctuation

2.1 x = Ready

(2) and (3) have organizational and knowledgeable contributors for open reviewing about recommendations

Even when they are finished by Authors, first, they don't always agree in making recommendations

(3) Also don't have to explain much you have us, or it is made an informed recommendations

Problem is: We are working on the docs of a more vibrant hole is so feasible of such a reviewing process to have some

3/5 Maintainership does not solve it all
Multiple how-to best-practice

Our maintaining groups: are a more elaborate review:

• Access structured & notable
• Source language: style and punctuation
• Assess again structure & contents
• Number again language: style and punctuation

2.1 x = Ready

(2) and (3) have organizational and knowledgeable contributors for open reviewing about recommendations

Even when they are finished by Authors, first, they don't always agree in making recommendations

(3) Also don't have to explain much you have us, or it is made an informed recommendations

Problem is: We are working on the docs of a more vibrant hole is so feasible of such a reviewing process to have some

3/5 Maintainership does not solve it all
Multiple how-to best-practice

Our maintaining groups: are a more elaborate review:

• Access structured & notable
• Source language: style and punctuation
• Assess again structure & contents
• Number again language: style and punctuation

2.1 x = Ready

(2) and (3) have organizational and knowledgeable contributors for open reviewing about recommendations

Even when they are finished by Authors, first, they don't always agree in making recommendations

(3) Also don't have to explain much you have us, or it is made an informed recommendations

Problem is: We are working on the docs of a more vibrant hole is so feasible of such a reviewing process to have some

3/5 Maintainership does not solve it all
Multiple how-to best-practice

Our maintaining groups: are a more elaborate review:

• Access structured & notable
• Source language: style and punctuation
• Assess again structure & contents
• Number again language: style and punctuation

2.1 x = Ready

(2) and (3) have organizational and knowledgeable contributors for open reviewing about recommendations

Even when they are finished by Authors, first, they don't always agree in making recommendations

(3) Also don't have to explain much you have us, or it is made an informed recommendations

Problem is: We are working on the docs of a more vibrant hole is so feasible of such a reviewing process to have some

3/5 Maintainership does not solve it all
Multiple how-to best-practice

Our maintaining groups: are a more elaborate review:

• Access structured & notable
• Source language: style and punctuation
• Assess again structure & contents
• Number again language: style and punctuation

2.1 x = Ready

(2) and (3) have organizational and knowledgeable contributors for open reviewing about recommendations

Even when they are finished by Authors, first, they don't always agree in making recommendations

(3) Also don't have to explain much you have us, or it is made an informed recommendations

Problem is: We are working on the docs of a more vibrant hole is so feasible of such a reviewing process to have some

3/5 Maintainership does not solve it all
Multiple how-to best-practice

Our maintaining groups: are a more elaborate review:

• Access structured & notable
• Source language: style and punctuation
• Assess again structure & contents
• Number again language: style and punctuation

2.1 x = Ready

(2) and (3) have organizational and knowledgeable contributors for open reviewing about recommendations

Even when they are finished by Authors, first, they don't always agree in making recommendations

(3) Also don't have to explain much you have us, or it is made an informed recommendations

Problem is: We are working on the docs of a more vibrant hole is so feasible of such a reviewing process to have some

3/5 Maintainership does not solve it all
Multiple how-to best-practice

Our maintaining groups: are a more elaborate review:

• Access structured & notable
• Source language: style and punctuation
• Assess again structure & contents
• Number again language: style and punctuation

2.1 x = Ready

(2) and (3) have organizational and knowledgeable contributors for open reviewing about recommendations

Even when they are finished by Authors, first, they don't always agree in making recommendations

(3) Also don't have to explain much you have us, or it is made an informed recommendations

Problem is: We are working on the docs of a more vibrant hole is so feasible of such a reviewing process to have some
